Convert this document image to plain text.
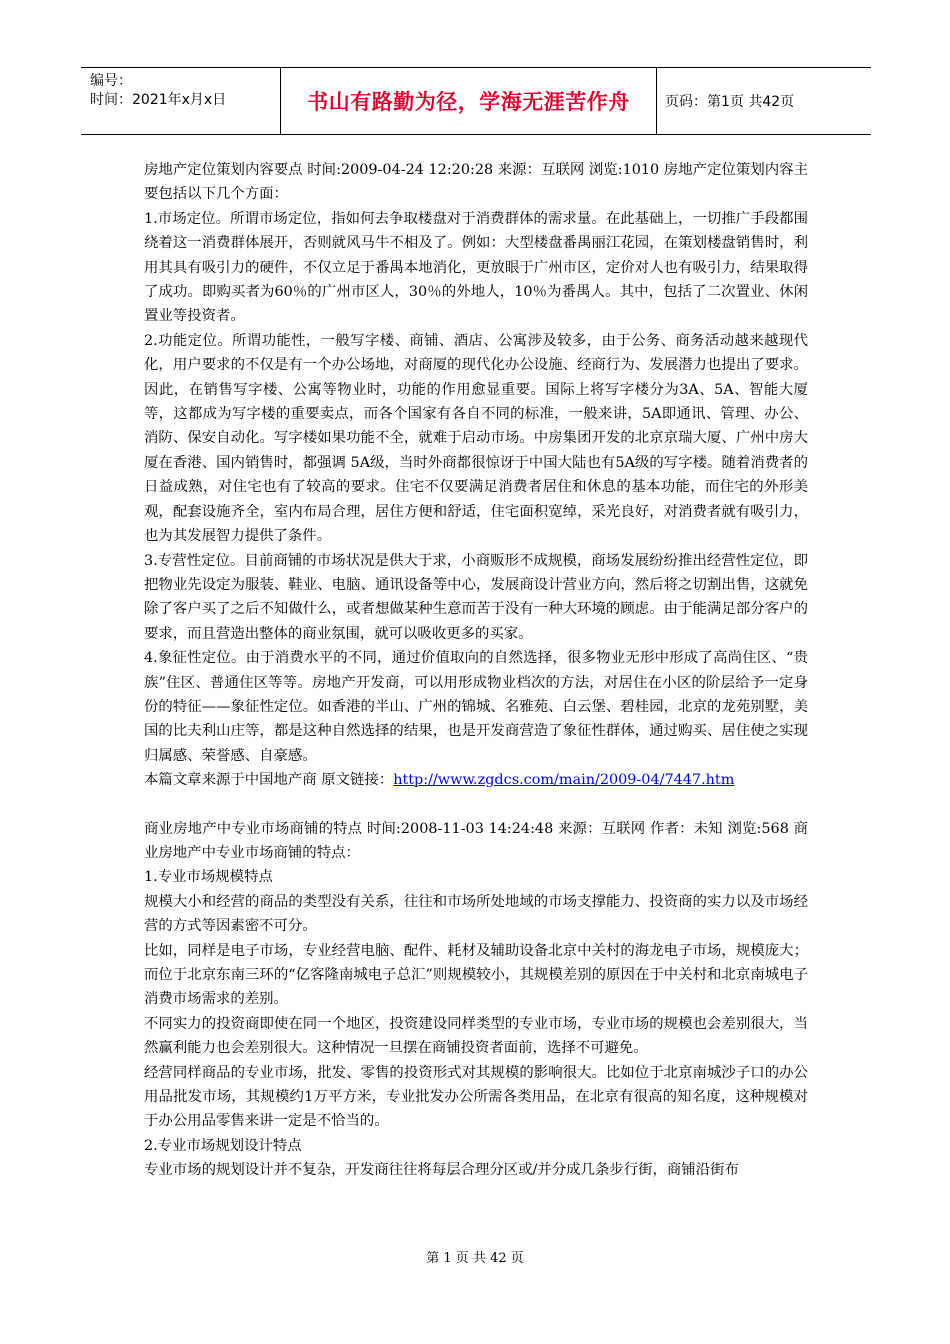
编号：
时间：2021年x月x日	书山有路勤为径，学海无涯苦作舟	页码：第1页 共42页

房地产定位策划内容要点 时间:2009-04-24 12:20:28 来源：互联网 浏览:1010 房地产定位策划内容主要包括以下几个方面：

1.市场定位。所谓市场定位，指如何去争取楼盘对于消费群体的需求量。在此基础上，一切推广手段都围绕着这一消费群体展开，否则就风马牛不相及了。例如：大型楼盘番禺丽江花园，在策划楼盘销售时，利用其具有吸引力的硬件，不仅立足于番禺本地消化，更放眼于广州市区，定价对人也有吸引力，结果取得了成功。即购买者为60％的广州市区人，30％的外地人，10％为番禺人。其中，包括了二次置业、休闲置业等投资者。

2.功能定位。所谓功能性，一般写字楼、商铺、酒店、公寓涉及较多，由于公务、商务活动越来越现代化，用户要求的不仅是有一个办公场地，对商厦的现代化办公设施、经商行为、发展潜力也提出了要求。因此，在销售写字楼、公寓等物业时，功能的作用愈显重要。国际上将写字楼分为3A、5A、智能大厦等，这都成为写字楼的重要卖点，而各个国家有各自不同的标准，一般来讲，5A即通讯、管理、办公、消防、保安自动化。写字楼如果功能不全，就难于启动市场。中房集团开发的北京京瑞大厦、广州中房大厦在香港、国内销售时，都强调 5A级，当时外商都很惊讶于中国大陆也有5A级的写字楼。随着消费者的日益成熟，对住宅也有了较高的要求。住宅不仅要满足消费者居住和休息的基本功能，而住宅的外形美观，配套设施齐全，室内布局合理，居住方便和舒适，住宅面积宽绰，采光良好，对消费者就有吸引力，也为其发展智力提供了条件。

3.专营性定位。目前商铺的市场状况是供大于求，小商贩形不成规模，商场发展纷纷推出经营性定位，即把物业先设定为服装、鞋业、电脑、通讯设备等中心，发展商设计营业方向，然后将之切割出售，这就免除了客户买了之后不知做什么，或者想做某种生意而苦于没有一种大环境的顾虑。由于能满足部分客户的要求，而且营造出整体的商业氛围，就可以吸收更多的买家。

4.象征性定位。由于消费水平的不同，通过价值取向的自然选择，很多物业无形中形成了高尚住区、“贵族”住区、普通住区等等。房地产开发商，可以用形成物业档次的方法，对居住在小区的阶层给予一定身份的特征——象征性定位。如香港的半山、广州的锦城、名雅苑、白云堡、碧桂园，北京的龙苑别墅，美国的比夫利山庄等，都是这种自然选择的结果，也是开发商营造了象征性群体，通过购买、居住使之实现归属感、荣誉感、自豪感。

本篇文章来源于中国地产商 原文链接：http://www.zgdcs.com/main/2009-04/7447.htm

商业房地产中专业市场商铺的特点 时间:2008-11-03 14:24:48 来源：互联网 作者：未知 浏览:568 商业房地产中专业市场商铺的特点：

1.专业市场规模特点

规模大小和经营的商品的类型没有关系，往往和市场所处地域的市场支撑能力、投资商的实力以及市场经营的方式等因素密不可分。

比如，同样是电子市场，专业经营电脑、配件、耗材及辅助设备北京中关村的海龙电子市场，规模庞大；而位于北京东南三环的“亿客隆南城电子总汇”则规模较小，其规模差别的原因在于中关村和北京南城电子消费市场需求的差别。

不同实力的投资商即使在同一个地区，投资建设同样类型的专业市场，专业市场的规模也会差别很大，当然赢利能力也会差别很大。这种情况一旦摆在商铺投资者面前，选择不可避免。

经营同样商品的专业市场，批发、零售的投资形式对其规模的影响很大。比如位于北京南城沙子口的办公用品批发市场，其规模约1万平方米，专业批发办公所需各类用品，在北京有很高的知名度，这种规模对于办公用品零售来讲一定是不恰当的。

2.专业市场规划设计特点

专业市场的规划设计并不复杂，开发商往往将每层合理分区或/并分成几条步行街，商铺沿街布

第 1 页 共 42 页
